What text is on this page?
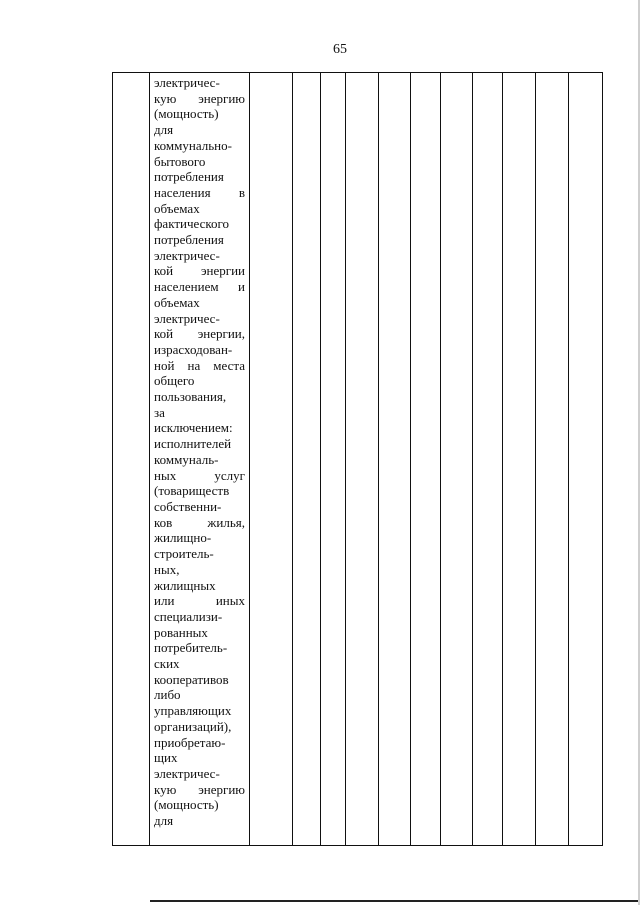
65

электричес-
кую энергию
(мощность)
для
коммунально-
бытового
потребления
населения в
объемах
фактического
потребления
электричес-
кой энергии
населением и
объемах
электричес-
кой энергии,
израсходован-
ной на места
общего
пользования,
за
исключением:
исполнителей
коммуналь-
ных услуг
(товариществ
собственни-
ков жилья,
жилищно-
строитель-
ных,
жилищных
или иных
специализи-
рованных
потребитель-
ских
кооперативов
либо
управляющих
организаций),
приобретаю-
щих
электричес-
кую энергию
(мощность)
для
